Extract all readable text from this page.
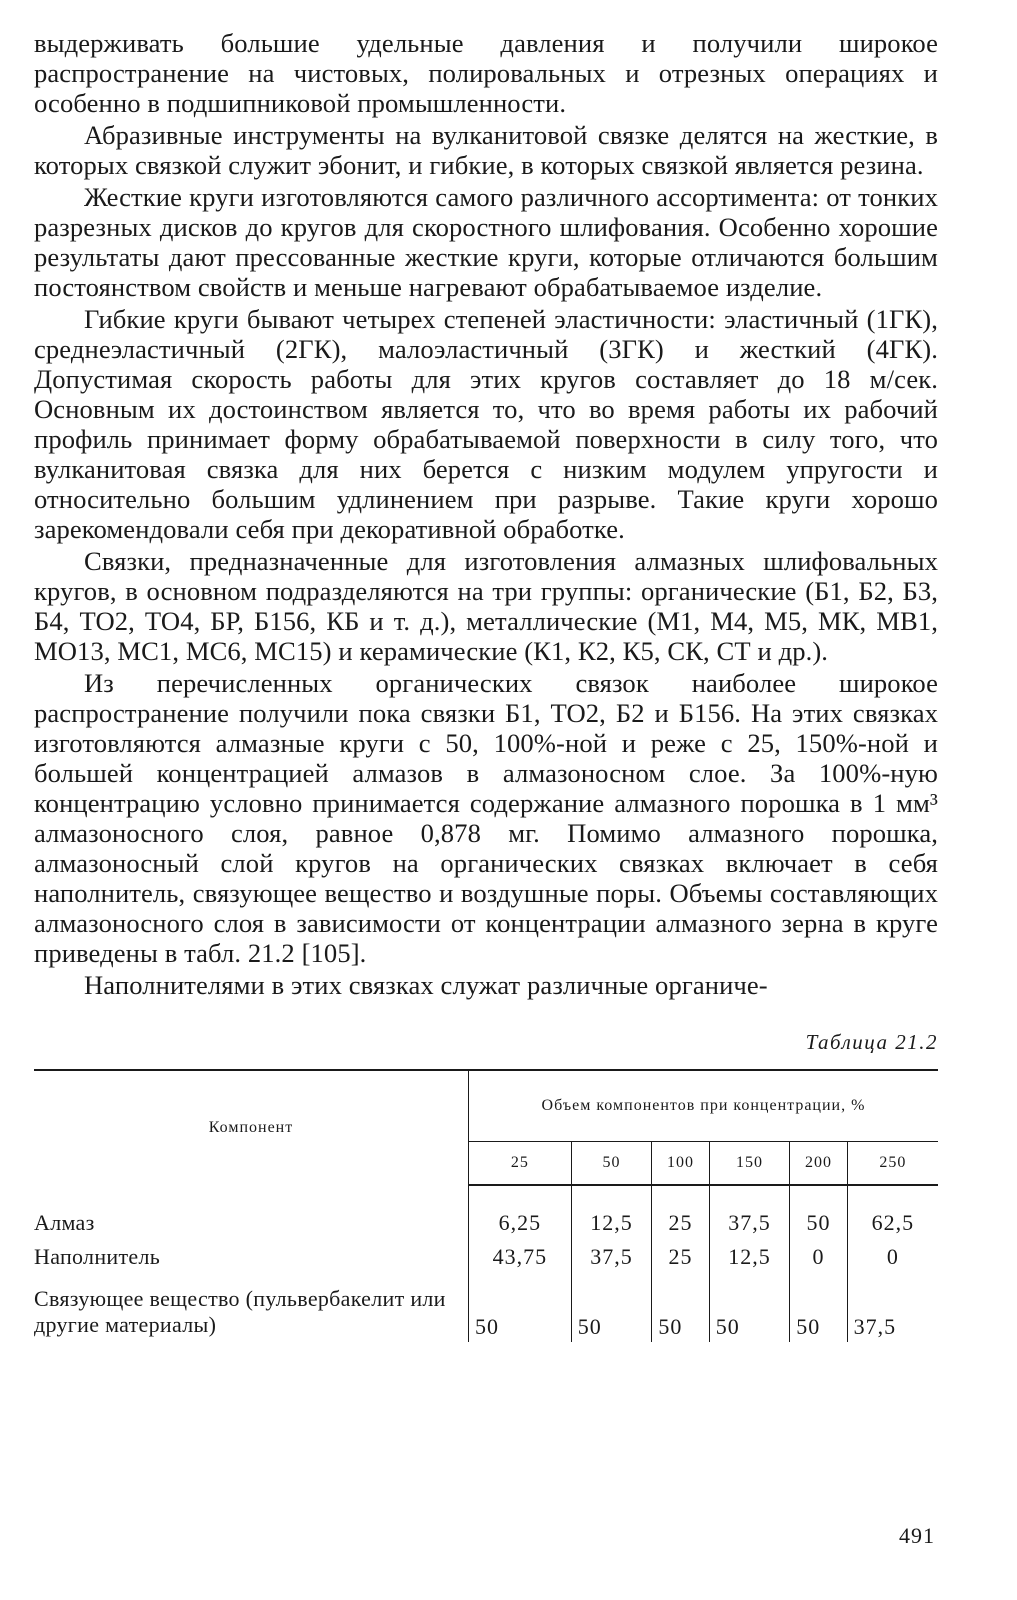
выдерживать большие удельные давления и получили широкое распространение на чистовых, полировальных и отрезных операциях и особенно в подшипниковой промышленности.

Абразивные инструменты на вулканитовой связке делятся на жесткие, в которых связкой служит эбонит, и гибкие, в которых связкой является резина.

Жесткие круги изготовляются самого различного ассортимента: от тонких разрезных дисков до кругов для скоростного шлифования. Особенно хорошие результаты дают прессованные жесткие круги, которые отличаются большим постоянством свойств и меньше нагревают обрабатываемое изделие.

Гибкие круги бывают четырех степеней эластичности: эластичный (1ГК), среднеэластичный (2ГК), малоэластичный (3ГК) и жесткий (4ГК). Допустимая скорость работы для этих кругов составляет до 18 м/сек. Основным их достоинством является то, что во время работы их рабочий профиль принимает форму обрабатываемой поверхности в силу того, что вулканитовая связка для них берется с низким модулем упругости и относительно большим удлинением при разрыве. Такие круги хорошо зарекомендовали себя при декоративной обработке.

Связки, предназначенные для изготовления алмазных шлифовальных кругов, в основном подразделяются на три группы: органические (Б1, Б2, Б3, Б4, ТО2, ТО4, БР, Б156, КБ и т. д.), металлические (М1, М4, М5, МК, МВ1, МО13, МС1, МС6, МС15) и керамические (К1, К2, К5, СК, СТ и др.).

Из перечисленных органических связок наиболее широкое распространение получили пока связки Б1, ТО2, Б2 и Б156. На этих связках изготовляются алмазные круги с 50, 100%-ной и реже с 25, 150%-ной и большей концентрацией алмазов в алмазоносном слое. За 100%-ную концентрацию условно принимается содержание алмазного порошка в 1 мм³ алмазоносного слоя, равное 0,878 мг. Помимо алмазного порошка, алмазоносный слой кругов на органических связках включает в себя наполнитель, связующее вещество и воздушные поры. Объемы составляющих алмазоносного слоя в зависимости от концентрации алмазного зерна в круге приведены в табл. 21.2 [105].

Наполнителями в этих связках служат различные органиче-

Таблица 21.2
Компонент	Объем компонентов при концентрации, %					
	25	50	100	150	200	250

Алмаз	6,25	12,5	25	37,5	50	62,5
Наполнитель	43,75	37,5	25	12,5	0	0
Связующее вещество (пульвербакелит или другие материалы)	50	50	50	50	50	37,5
491
